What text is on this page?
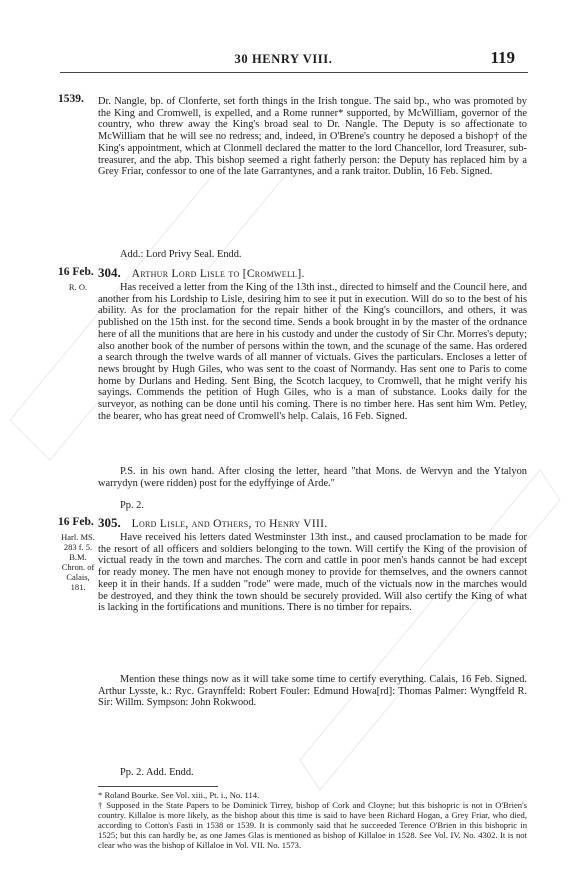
30 HENRY VIII.	119
1539.
16 Feb.
R. O.
16 Feb.
Harl. MS.
283 f. 5.
B.M.
Chron. of
Calais, 181.
Dr. Nangle, bp. of Clonferte, set forth things in the Irish tongue. The said bp., who was promoted by the King and Cromwell, is expelled, and a Rome runner* supported, by McWilliam, governor of the country, who threw away the King's broad seal to Dr. Nangle. The Deputy is so affectionate to McWilliam that he will see no redress; and, indeed, in O'Brene's country he deposed a bishop† of the King's appointment, which at Clonmell declared the matter to the lord Chancellor, lord Treasurer, sub-treasurer, and the abp. This bishop seemed a right fatherly person: the Deputy has replaced him by a Grey Friar, confessor to one of the late Garrantynes, and a rank traitor. Dublin, 16 Feb. Signed.
Add.: Lord Privy Seal. Endd.
304. Arthur Lord Lisle to [Cromwell].
Has received a letter from the King of the 13th inst., directed to himself and the Council here, and another from his Lordship to Lisle, desiring him to see it put in execution. Will do so to the best of his ability. As for the proclamation for the repair hither of the King's councillors, and others, it was published on the 15th inst. for the second time. Sends a book brought in by the master of the ordnance here of all the munitions that are here in his custody and under the custody of Sir Chr. Morres's deputy; also another book of the number of persons within the town, and the scunage of the same. Has ordered a search through the twelve wards of all manner of victuals. Gives the particulars. Encloses a letter of news brought by Hugh Giles, who was sent to the coast of Normandy. Has sent one to Paris to come home by Durlans and Heding. Sent Bing, the Scotch lacquey, to Cromwell, that he might verify his sayings. Commends the petition of Hugh Giles, who is a man of substance. Looks daily for the surveyor, as nothing can be done until his coming. There is no timber here. Has sent him Wm. Petley, the bearer, who has great need of Cromwell's help. Calais, 16 Feb. Signed.
P.S. in his own hand. After closing the letter, heard "that Mons. de Wervyn and the Ytalyon warrydyn (were ridden) post for the edyffyinge of Arde."
Pp. 2.
305. Lord Lisle, and Others, to Henry VIII.
Have received his letters dated Westminster 13th inst., and caused proclamation to be made for the resort of all officers and soldiers belonging to the town. Will certify the King of the provision of victual ready in the town and marches. The corn and cattle in poor men's hands cannot be had except for ready money. The men have not enough money to provide for themselves, and the owners cannot keep it in their hands. If a sudden "rode" were made, much of the victuals now in the marches would be destroyed, and they think the town should be securely provided. Will also certify the King of what is lacking in the fortifications and munitions. There is no timber for repairs.
Mention these things now as it will take some time to certify everything. Calais, 16 Feb. Signed. Arthur Lysste, k.: Ryc. Graynffeld: Robert Fouler: Edmund Howa[rd]: Thomas Palmer: Wyngffeld R. Sir: Willm. Sympson: John Rokwood.
Pp. 2. Add. Endd.

* Roland Bourke. See Vol. xiii., Pt. i., No. 114.

† Supposed in the State Papers to be Dominick Tirrey, bishop of Cork and Cloyne; but this bishopric is not in O'Brien's country. Killaloe is more likely, as the bishop about this time is said to have been Richard Hogan, a Grey Friar, who died, according to Cotton's Fasti in 1538 or 1539. It is commonly said that he succeeded Terence O'Brien in this bishopric in 1525; but this can hardly be, as one James Glas is mentioned as bishop of Killaloe in 1528. See Vol. IV. No. 4302. It is not clear who was the bishop of Killaloe in Vol. VII. No. 1573.
